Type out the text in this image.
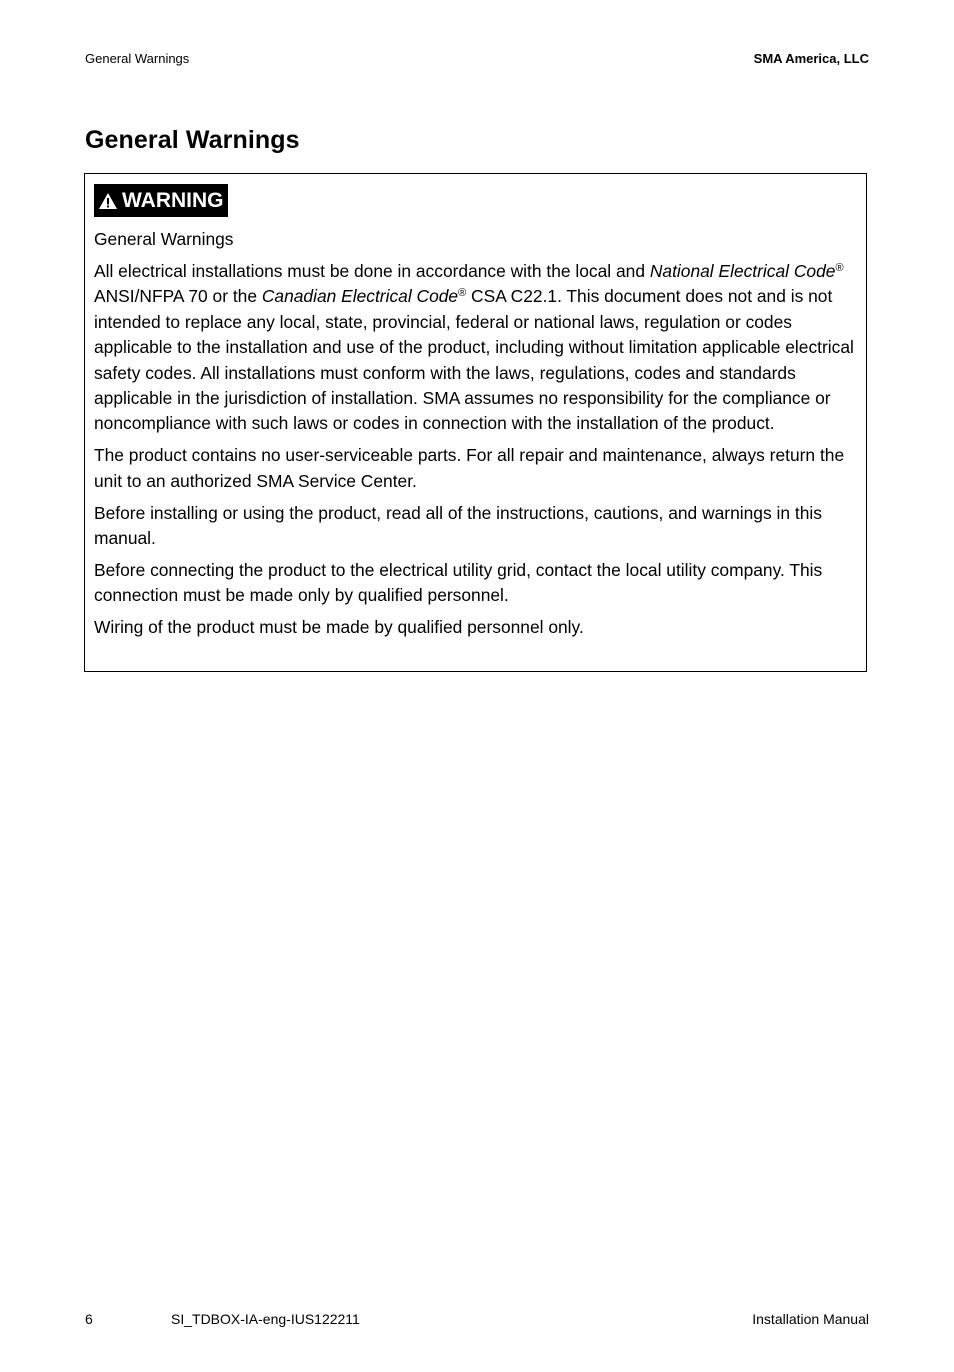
General Warnings	SMA America, LLC
General Warnings
WARNING

General Warnings

All electrical installations must be done in accordance with the local and National Electrical Code® ANSI/NFPA 70 or the Canadian Electrical Code® CSA C22.1. This document does not and is not intended to replace any local, state, provincial, federal or national laws, regulation or codes applicable to the installation and use of the product, including without limitation applicable electrical safety codes. All installations must conform with the laws, regulations, codes and standards applicable in the jurisdiction of installation. SMA assumes no responsibility for the compliance or noncompliance with such laws or codes in connection with the installation of the product.

The product contains no user-serviceable parts. For all repair and maintenance, always return the unit to an authorized SMA Service Center.

Before installing or using the product, read all of the instructions, cautions, and warnings in this manual.

Before connecting the product to the electrical utility grid, contact the local utility company. This connection must be made only by qualified personnel.

Wiring of the product must be made by qualified personnel only.

6	SI_TDBOX-IA-eng-IUS122211	Installation Manual
